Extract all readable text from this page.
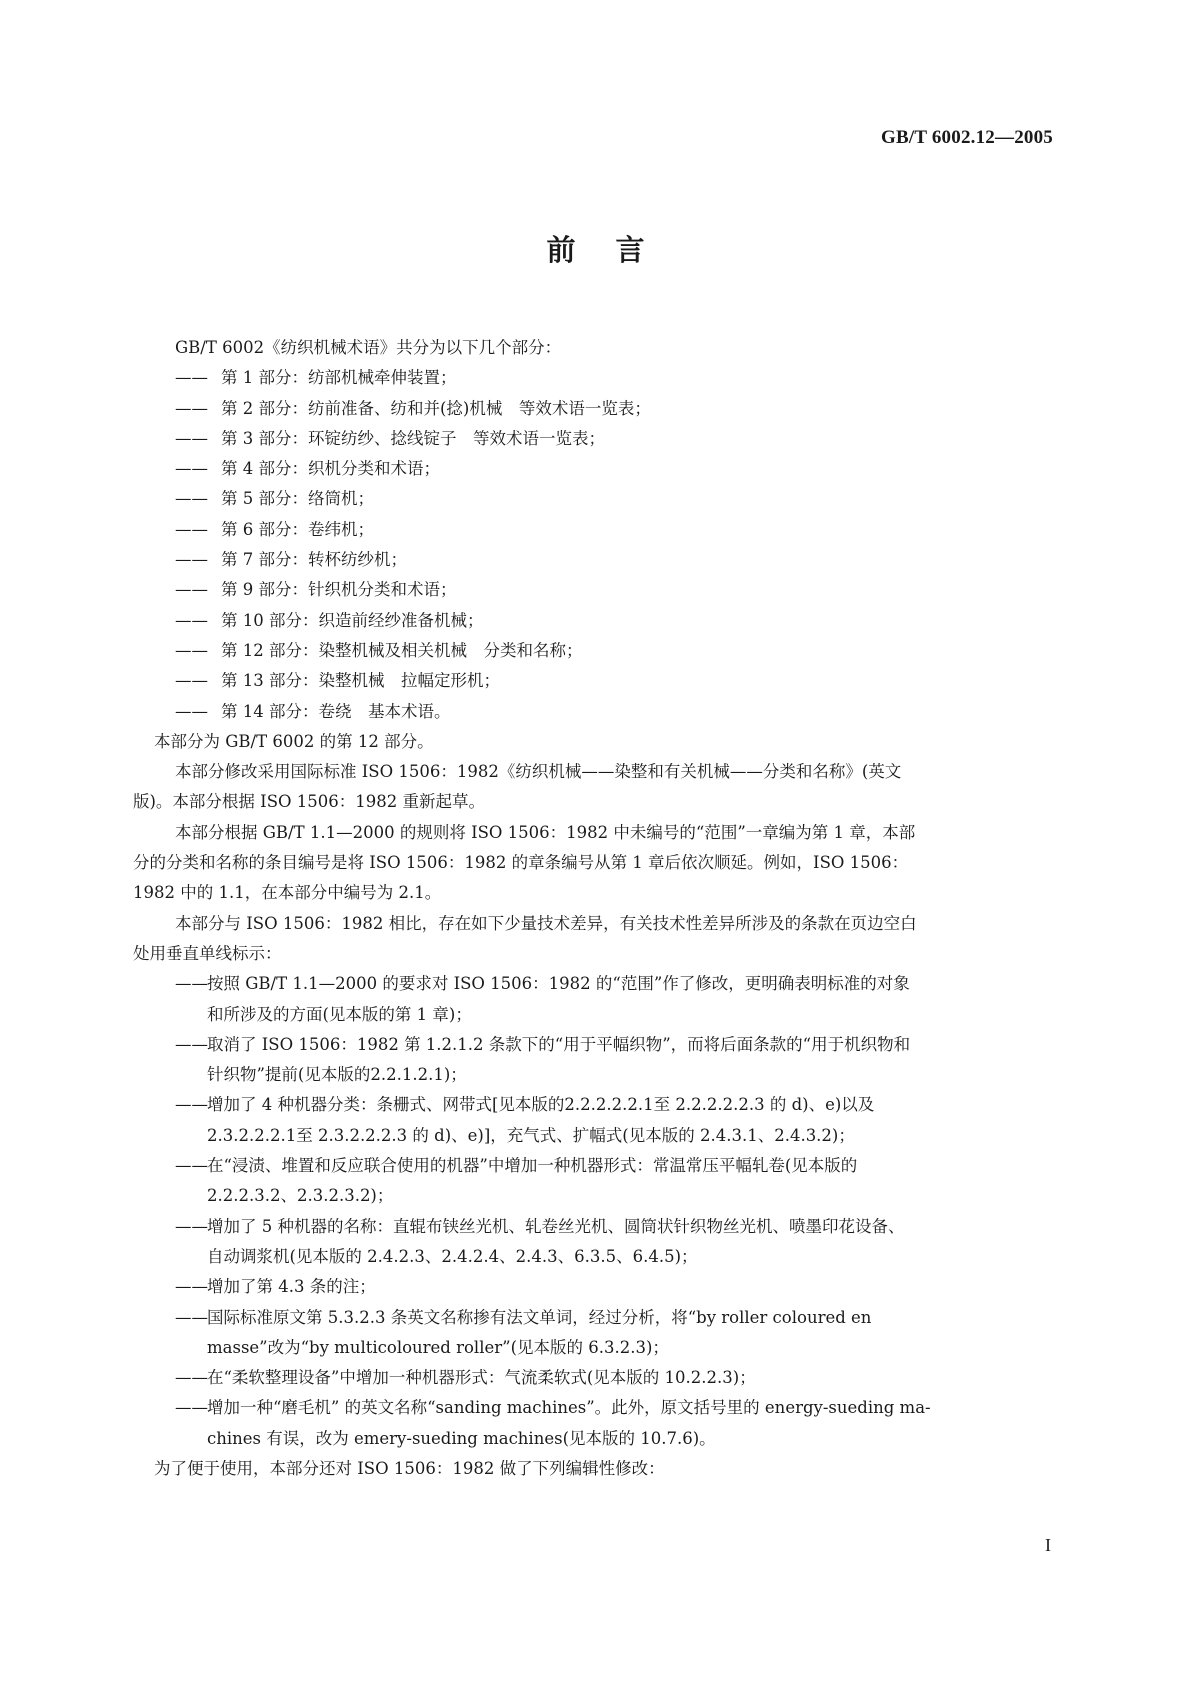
GB/T 6002.12—2005
前言
GB/T 6002《纺织机械术语》共分为以下几个部分：
—— 第 1 部分：纺部机械牵伸装置；
—— 第 2 部分：纺前准备、纺和并(捻)机械　等效术语一览表；
—— 第 3 部分：环锭纺纱、捻线锭子　等效术语一览表；
—— 第 4 部分：织机分类和术语；
—— 第 5 部分：络筒机；
—— 第 6 部分：卷纬机；
—— 第 7 部分：转杯纺纱机；
—— 第 9 部分：针织机分类和术语；
—— 第 10 部分：织造前经纱准备机械；
—— 第 12 部分：染整机械及相关机械　分类和名称；
—— 第 13 部分：染整机械　拉幅定形机；
—— 第 14 部分：卷绕　基本术语。
本部分为 GB/T 6002 的第 12 部分。
本部分修改采用国际标准 ISO 1506：1982《纺织机械——染整和有关机械——分类和名称》(英文
版)。本部分根据 ISO 1506：1982 重新起草。
本部分根据 GB/T 1.1—2000 的规则将 ISO 1506：1982 中未编号的“范围”一章编为第 1 章，本部
分的分类和名称的条目编号是将 ISO 1506：1982 的章条编号从第 1 章后依次顺延。例如，ISO 1506：
1982 中的 1.1，在本部分中编号为 2.1。
本部分与 ISO 1506：1982 相比，存在如下少量技术差异，有关技术性差异所涉及的条款在页边空白
处用垂直单线标示：
——按照 GB/T 1.1—2000 的要求对 ISO 1506：1982 的“范围”作了修改，更明确表明标准的对象
和所涉及的方面(见本版的第 1 章)；
——取消了 ISO 1506：1982 第 1.2.1.2 条款下的“用于平幅织物”，而将后面条款的“用于机织物和
针织物”提前(见本版的2.2.1.2.1)；
——增加了 4 种机器分类：条栅式、网带式[见本版的2.2.2.2.2.1至 2.2.2.2.2.3 的 d)、e)以及
2.3.2.2.2.1至 2.3.2.2.2.3 的 d)、e)]，充气式、扩幅式(见本版的 2.4.3.1、2.4.3.2)；
——在“浸渍、堆置和反应联合使用的机器”中增加一种机器形式：常温常压平幅轧卷(见本版的
2.2.2.3.2、2.3.2.3.2)；
——增加了 5 种机器的名称：直辊布铗丝光机、轧卷丝光机、圆筒状针织物丝光机、喷墨印花设备、
自动调浆机(见本版的 2.4.2.3、2.4.2.4、2.4.3、6.3.5、6.4.5)；
——增加了第 4.3 条的注；
——国际标准原文第 5.3.2.3 条英文名称掺有法文单词，经过分析，将“by roller coloured en
masse”改为“by multicoloured roller”(见本版的 6.3.2.3)；
——在“柔软整理设备”中增加一种机器形式：气流柔软式(见本版的 10.2.2.3)；
——增加一种“磨毛机” 的英文名称“sanding machines”。此外，原文括号里的 energy-sueding ma-
chines 有误，改为 emery-sueding machines(见本版的 10.7.6)。
为了便于使用，本部分还对 ISO 1506：1982 做了下列编辑性修改：
I
